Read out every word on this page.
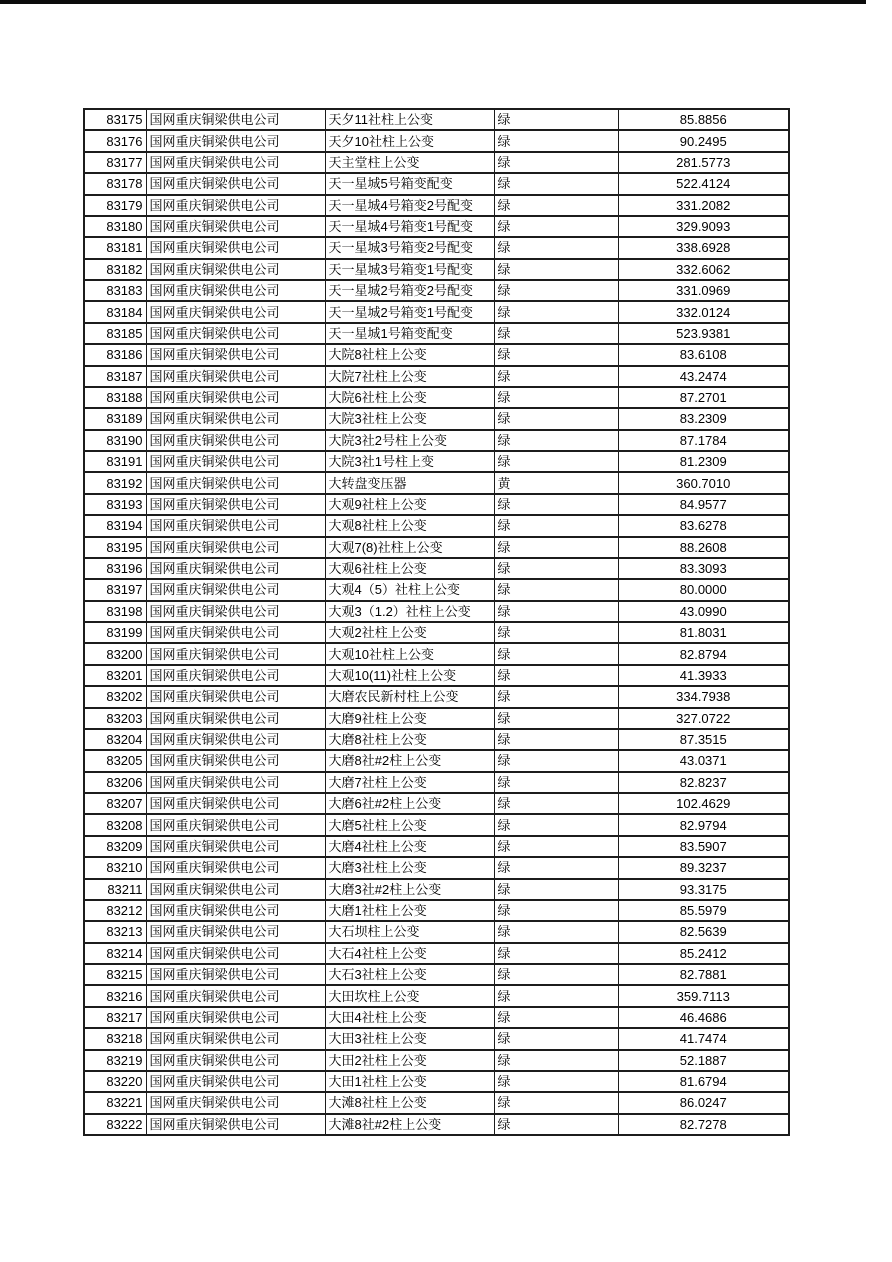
83175	国网重庆铜梁供电公司	天夕11社柱上公变	绿	85.8856
83176	国网重庆铜梁供电公司	天夕10社柱上公变	绿	90.2495
83177	国网重庆铜梁供电公司	天主堂柱上公变	绿	281.5773
83178	国网重庆铜梁供电公司	天一星城5号箱变配变	绿	522.4124
83179	国网重庆铜梁供电公司	天一星城4号箱变2号配变	绿	331.2082
83180	国网重庆铜梁供电公司	天一星城4号箱变1号配变	绿	329.9093
83181	国网重庆铜梁供电公司	天一星城3号箱变2号配变	绿	338.6928
83182	国网重庆铜梁供电公司	天一星城3号箱变1号配变	绿	332.6062
83183	国网重庆铜梁供电公司	天一星城2号箱变2号配变	绿	331.0969
83184	国网重庆铜梁供电公司	天一星城2号箱变1号配变	绿	332.0124
83185	国网重庆铜梁供电公司	天一星城1号箱变配变	绿	523.9381
83186	国网重庆铜梁供电公司	大院8社柱上公变	绿	83.6108
83187	国网重庆铜梁供电公司	大院7社柱上公变	绿	43.2474
83188	国网重庆铜梁供电公司	大院6社柱上公变	绿	87.2701
83189	国网重庆铜梁供电公司	大院3社柱上公变	绿	83.2309
83190	国网重庆铜梁供电公司	大院3社2号柱上公变	绿	87.1784
83191	国网重庆铜梁供电公司	大院3社1号柱上变	绿	81.2309
83192	国网重庆铜梁供电公司	大转盘变压器	黄	360.7010
83193	国网重庆铜梁供电公司	大观9社柱上公变	绿	84.9577
83194	国网重庆铜梁供电公司	大观8社柱上公变	绿	83.6278
83195	国网重庆铜梁供电公司	大观7(8)社柱上公变	绿	88.2608
83196	国网重庆铜梁供电公司	大观6社柱上公变	绿	83.3093
83197	国网重庆铜梁供电公司	大观4（5）社柱上公变	绿	80.0000
83198	国网重庆铜梁供电公司	大观3（1.2）社柱上公变	绿	43.0990
83199	国网重庆铜梁供电公司	大观2社柱上公变	绿	81.8031
83200	国网重庆铜梁供电公司	大观10社柱上公变	绿	82.8794
83201	国网重庆铜梁供电公司	大观10(11)社柱上公变	绿	41.3933
83202	国网重庆铜梁供电公司	大磨农民新村柱上公变	绿	334.7938
83203	国网重庆铜梁供电公司	大磨9社柱上公变	绿	327.0722
83204	国网重庆铜梁供电公司	大磨8社柱上公变	绿	87.3515
83205	国网重庆铜梁供电公司	大磨8社#2柱上公变	绿	43.0371
83206	国网重庆铜梁供电公司	大磨7社柱上公变	绿	82.8237
83207	国网重庆铜梁供电公司	大磨6社#2柱上公变	绿	102.4629
83208	国网重庆铜梁供电公司	大磨5社柱上公变	绿	82.9794
83209	国网重庆铜梁供电公司	大磨4社柱上公变	绿	83.5907
83210	国网重庆铜梁供电公司	大磨3社柱上公变	绿	89.3237
83211	国网重庆铜梁供电公司	大磨3社#2柱上公变	绿	93.3175
83212	国网重庆铜梁供电公司	大磨1社柱上公变	绿	85.5979
83213	国网重庆铜梁供电公司	大石坝柱上公变	绿	82.5639
83214	国网重庆铜梁供电公司	大石4社柱上公变	绿	85.2412
83215	国网重庆铜梁供电公司	大石3社柱上公变	绿	82.7881
83216	国网重庆铜梁供电公司	大田坎柱上公变	绿	359.7113
83217	国网重庆铜梁供电公司	大田4社柱上公变	绿	46.4686
83218	国网重庆铜梁供电公司	大田3社柱上公变	绿	41.7474
83219	国网重庆铜梁供电公司	大田2社柱上公变	绿	52.1887
83220	国网重庆铜梁供电公司	大田1社柱上公变	绿	81.6794
83221	国网重庆铜梁供电公司	大滩8社柱上公变	绿	86.0247
83222	国网重庆铜梁供电公司	大滩8社#2柱上公变	绿	82.7278
